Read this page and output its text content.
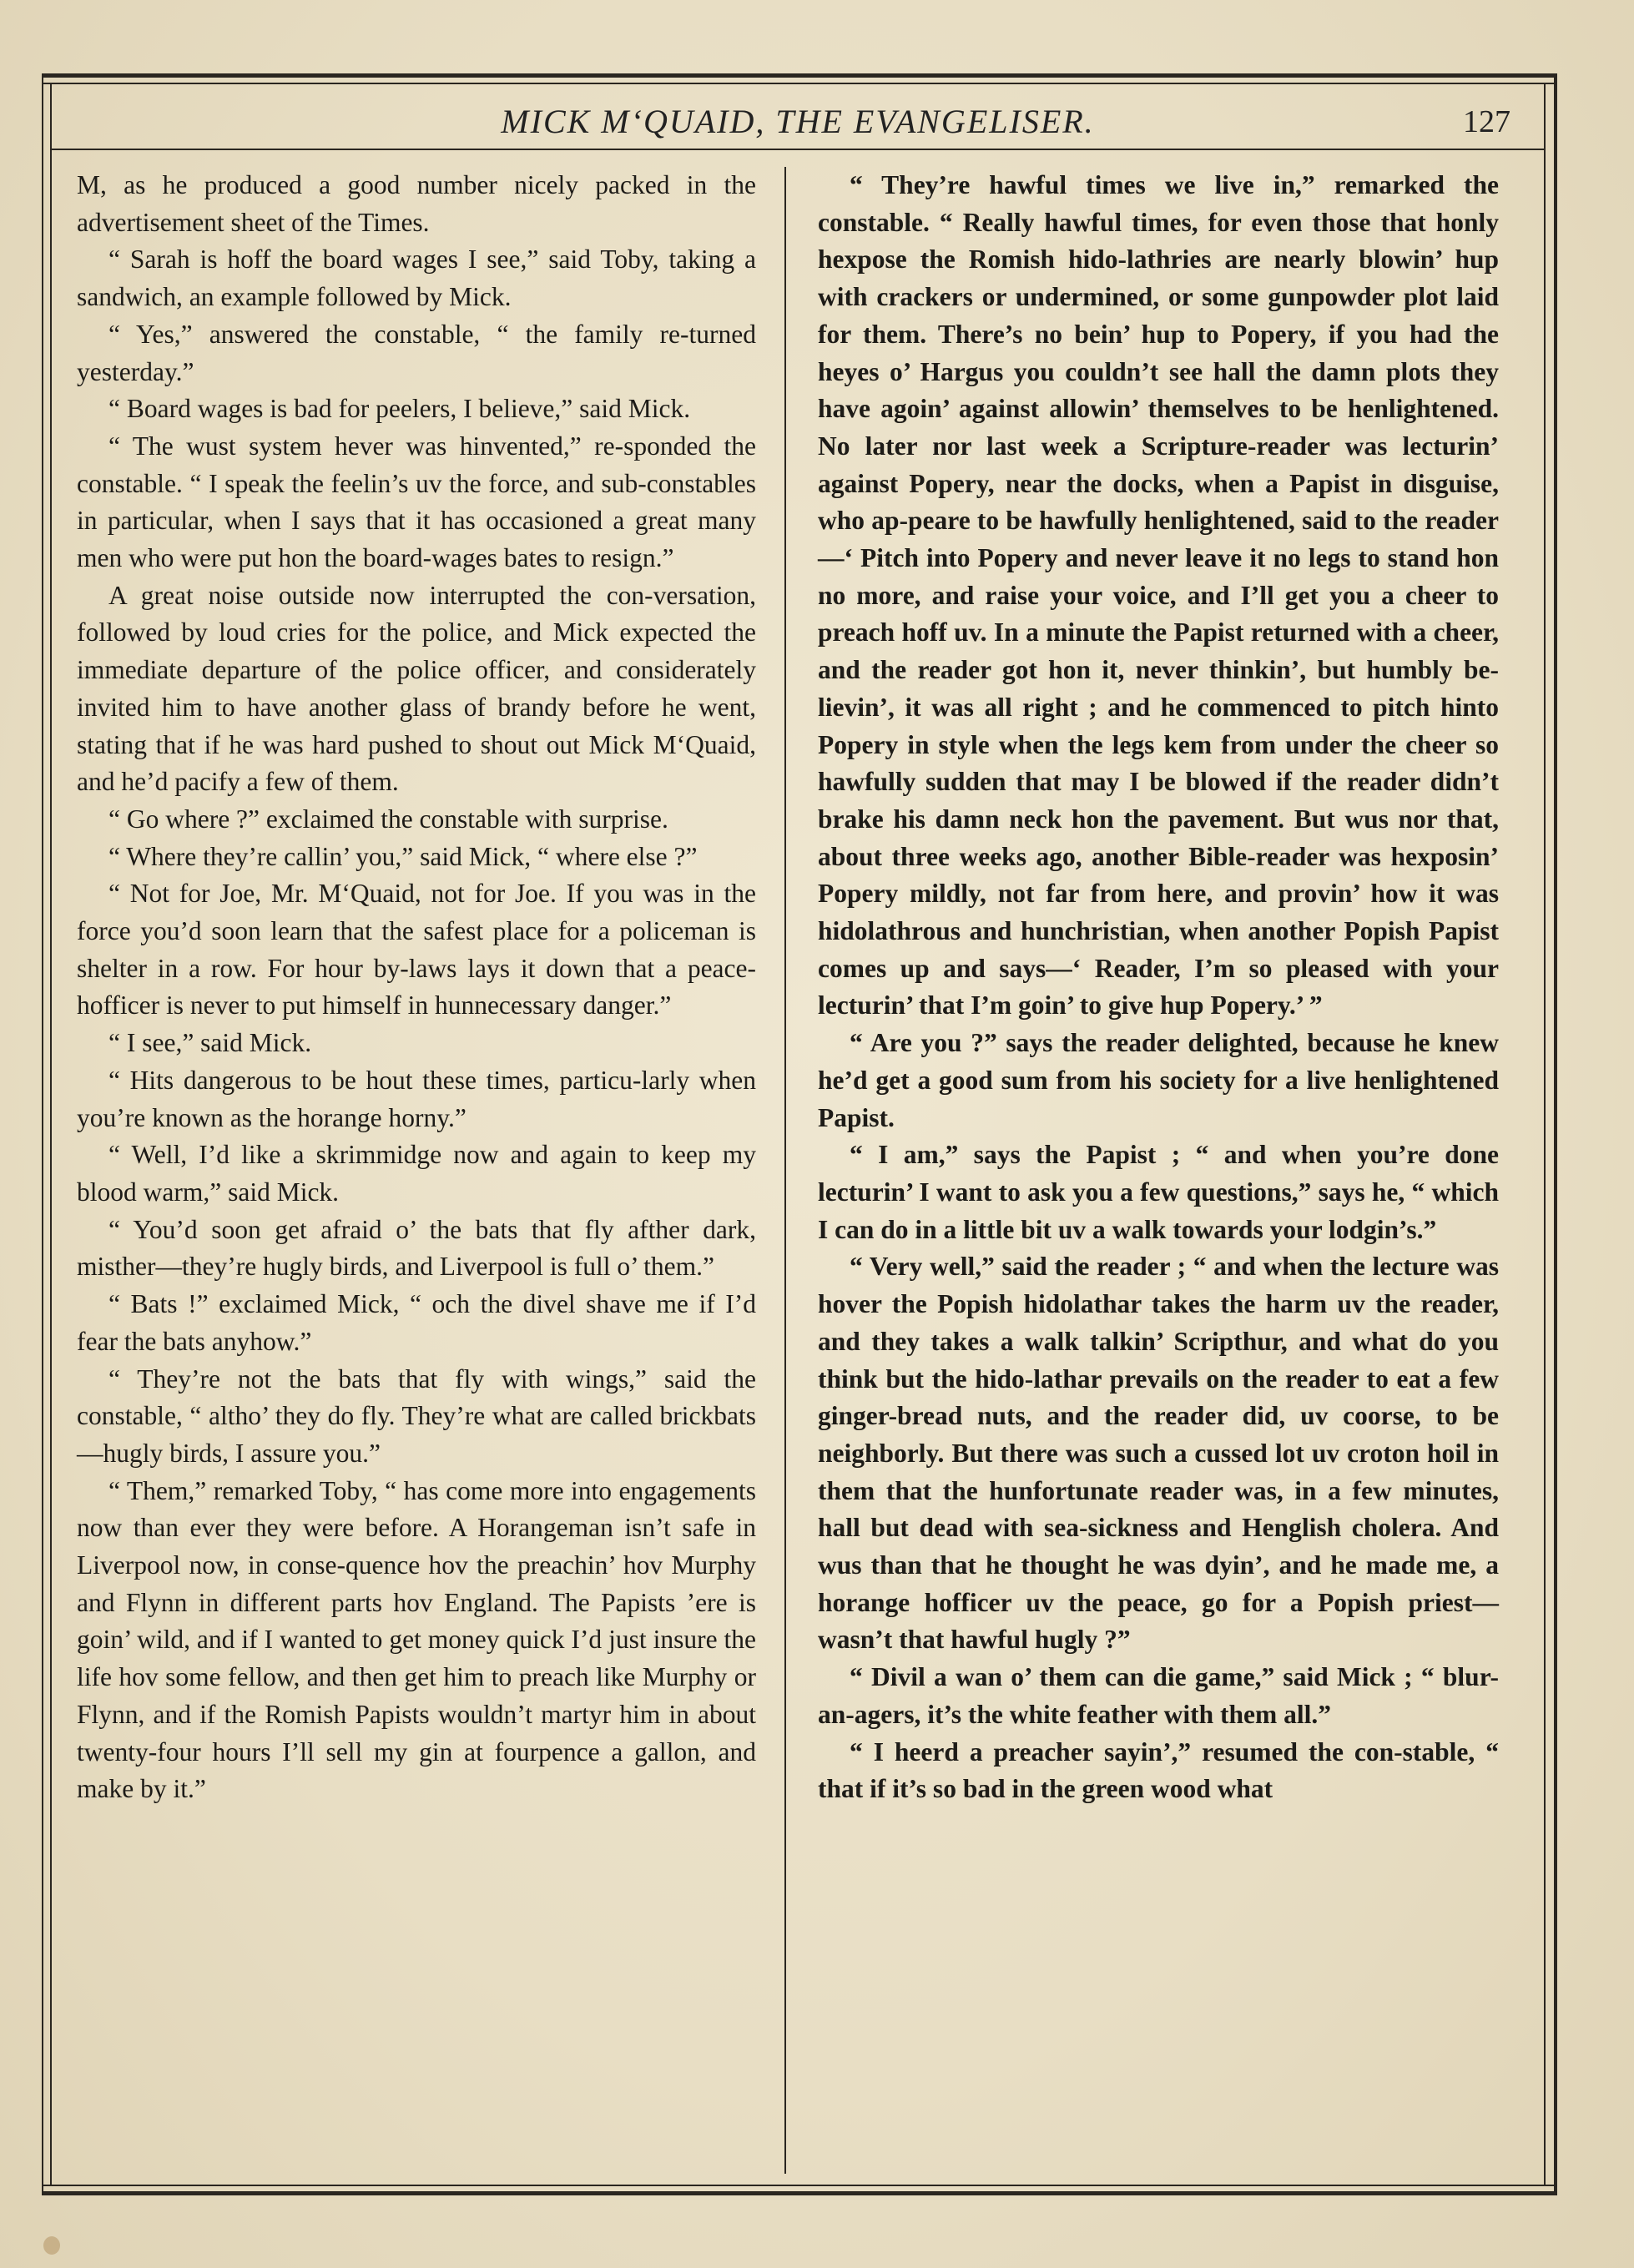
MICK M‘QUAID, THE EVANGELISER.	127

M, as he produced a good number nicely packed in the advertisement sheet of the Times.

“ Sarah is hoff the board wages I see,” said Toby, taking a sandwich, an example followed by Mick.

“ Yes,” answered the constable, “ the family re-turned yesterday.”

“ Board wages is bad for peelers, I believe,” said Mick.

“ The wust system hever was hinvented,” re-sponded the constable. “ I speak the feelin’s uv the force, and sub-constables in particular, when I says that it has occasioned a great many men who were put hon the board-wages bates to resign.”

A great noise outside now interrupted the con-versation, followed by loud cries for the police, and Mick expected the immediate departure of the police officer, and considerately invited him to have another glass of brandy before he went, stating that if he was hard pushed to shout out Mick M‘Quaid, and he’d pacify a few of them.

“ Go where ?” exclaimed the constable with surprise.

“ Where they’re callin’ you,” said Mick, “ where else ?”

“ Not for Joe, Mr. M‘Quaid, not for Joe. If you was in the force you’d soon learn that the safest place for a policeman is shelter in a row. For hour by-laws lays it down that a peace-hofficer is never to put himself in hunnecessary danger.”

“ I see,” said Mick.

“ Hits dangerous to be hout these times, particu-larly when you’re known as the horange horny.”

“ Well, I’d like a skrimmidge now and again to keep my blood warm,” said Mick.

“ You’d soon get afraid o’ the bats that fly afther dark, misther—they’re hugly birds, and Liverpool is full o’ them.”

“ Bats !” exclaimed Mick, “ och the divel shave me if I’d fear the bats anyhow.”

“ They’re not the bats that fly with wings,” said the constable, “ altho’ they do fly. They’re what are called brickbats—hugly birds, I assure you.”

“ Them,” remarked Toby, “ has come more into engagements now than ever they were before. A Horangeman isn’t safe in Liverpool now, in conse-quence hov the preachin’ hov Murphy and Flynn in different parts hov England. The Papists ’ere is goin’ wild, and if I wanted to get money quick I’d just insure the life hov some fellow, and then get him to preach like Murphy or Flynn, and if the Romish Papists wouldn’t martyr him in about twenty-four hours I’ll sell my gin at fourpence a gallon, and make by it.”

“ They’re hawful times we live in,” remarked the constable. “ Really hawful times, for even those that honly hexpose the Romish hido-lathries are nearly blowin’ hup with crackers or undermined, or some gunpowder plot laid for them. There’s no bein’ hup to Popery, if you had the heyes o’ Hargus you couldn’t see hall the damn plots they have agoin’ against allowin’ themselves to be henlightened. No later nor last week a Scripture-reader was lecturin’ against Popery, near the docks, when a Papist in disguise, who ap-peare to be hawfully henlightened, said to the reader—‘ Pitch into Popery and never leave it no legs to stand hon no more, and raise your voice, and I’ll get you a cheer to preach hoff uv. In a minute the Papist returned with a cheer, and the reader got hon it, never thinkin’, but humbly be-lievin’, it was all right ; and he commenced to pitch hinto Popery in style when the legs kem from under the cheer so hawfully sudden that may I be blowed if the reader didn’t brake his damn neck hon the pavement. But wus nor that, about three weeks ago, another Bible-reader was hexposin’ Popery mildly, not far from here, and provin’ how it was hidolathrous and hunchristian, when another Popish Papist comes up and says—‘ Reader, I’m so pleased with your lecturin’ that I’m goin’ to give hup Popery.’ ”

“ Are you ?” says the reader delighted, because he knew he’d get a good sum from his society for a live henlightened Papist.

“ I am,” says the Papist ; “ and when you’re done lecturin’ I want to ask you a few questions,” says he, “ which I can do in a little bit uv a walk towards your lodgin’s.”

“ Very well,” said the reader ; “ and when the lecture was hover the Popish hidolathar takes the harm uv the reader, and they takes a walk talkin’ Scripthur, and what do you think but the hido-lathar prevails on the reader to eat a few ginger-bread nuts, and the reader did, uv coorse, to be neighborly. But there was such a cussed lot uv croton hoil in them that the hunfortunate reader was, in a few minutes, hall but dead with sea-sickness and Henglish cholera. And wus than that he thought he was dyin’, and he made me, a horange hofficer uv the peace, go for a Popish priest—wasn’t that hawful hugly ?”

“ Divil a wan o’ them can die game,” said Mick ; “ blur-an-agers, it’s the white feather with them all.”

“ I heerd a preacher sayin’,” resumed the con-stable, “ that if it’s so bad in the green wood what
